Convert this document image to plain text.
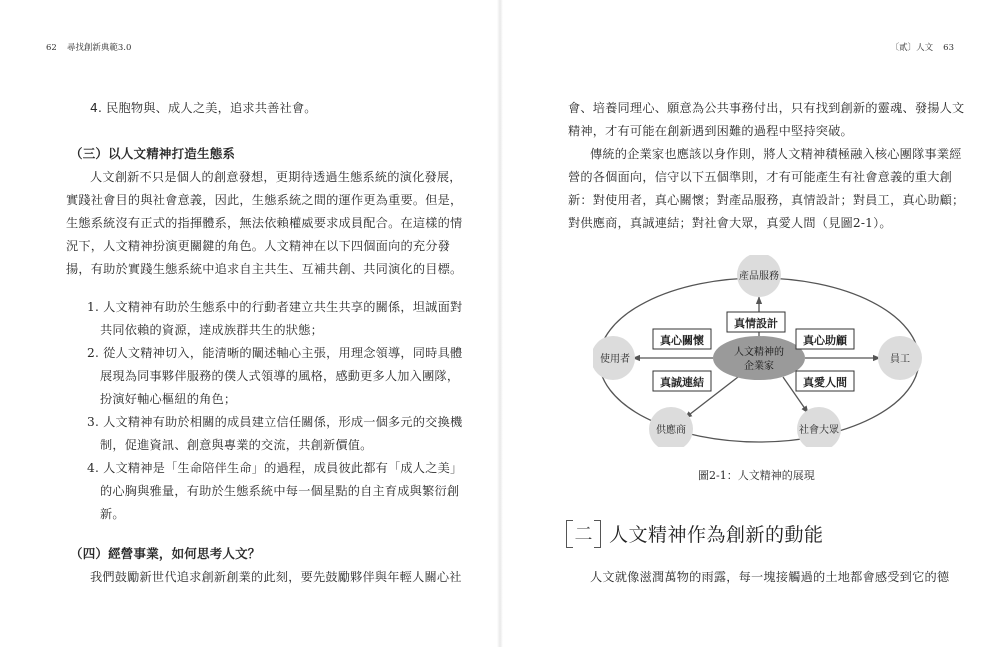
62 尋找創新典範3.0	〔貳〕人文 63
4. 民胞物與、成人之美，追求共善社會。
（三）以人文精神打造生態系
人文創新不只是個人的創意發想，更期待透過生態系統的演化發展，
實踐社會目的與社會意義，因此，生態系統之間的運作更為重要。但是，
生態系統沒有正式的指揮體系，無法依賴權威要求成員配合。在這樣的情
況下，人文精神扮演更關鍵的角色。人文精神在以下四個面向的充分發
揚，有助於實踐生態系統中追求自主共生、互補共創、共同演化的目標。
1. 人文精神有助於生態系中的行動者建立共生共享的關係，坦誠面對
共同依賴的資源，達成族群共生的狀態；
2. 從人文精神切入，能清晰的闡述軸心主張，用理念領導，同時具體
展現為同事夥伴服務的僕人式領導的風格，感動更多人加入團隊，
扮演好軸心樞紐的角色；
3. 人文精神有助於相關的成員建立信任關係，形成一個多元的交換機
制，促進資訊、創意與專業的交流，共創新價值。
4. 人文精神是「生命陪伴生命」的過程，成員彼此都有「成人之美」
的心胸與雅量，有助於生態系統中每一個星點的自主育成與繁衍創
新。
（四）經營事業，如何思考人文？
我們鼓勵新世代追求創新創業的此刻，要先鼓勵夥伴與年輕人關心社
會、培養同理心、願意為公共事務付出，只有找到創新的靈魂、發揚人文
精神，才有可能在創新遇到困難的過程中堅持突破。
傳統的企業家也應該以身作則，將人文精神積極融入核心團隊事業經
營的各個面向，信守以下五個準則，才有可能產生有社會意義的重大創
新：對使用者，真心關懷；對產品服務，真情設計；對員工，真心助顧；
對供應商，真誠連結；對社會大眾，真愛人間（見圖2-1）。
產品服務
使用者	員工
供應商	社會大眾
人文精神的
企業家
真情設計
真心關懷	真心助顧
真誠連結	真愛人間
圖2-1：人文精神的展現
二 人文精神作為創新的動能
人文就像滋潤萬物的雨露，每一塊接觸過的土地都會感受到它的德
